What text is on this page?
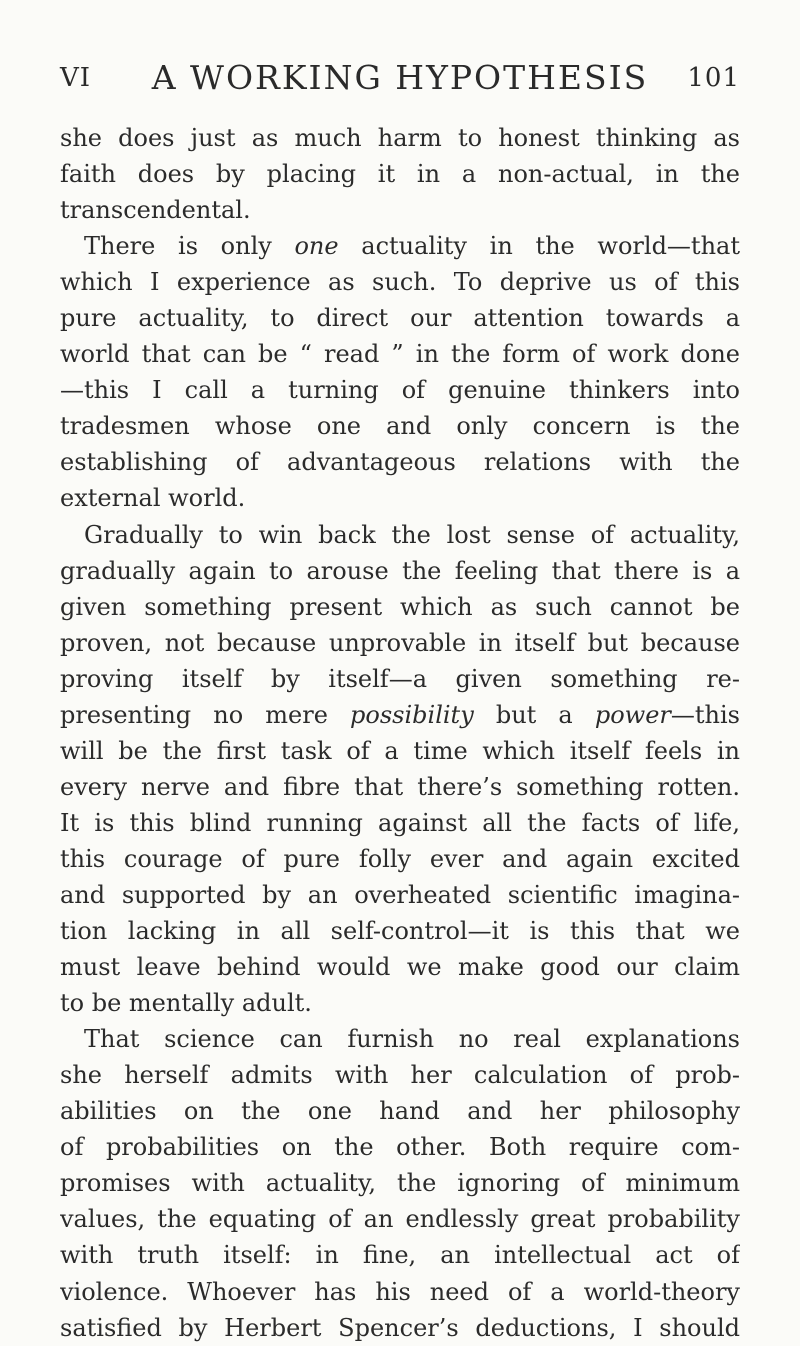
VI	A WORKING HYPOTHESIS	101
she does just as much harm to honest thinking as
faith does by placing it in a non-actual, in the
transcendental.
There is only one actuality in the world—that
which I experience as such. To deprive us of this
pure actuality, to direct our attention towards a
world that can be “ read ” in the form of work done
—this I call a turning of genuine thinkers into
tradesmen whose one and only concern is the
establishing of advantageous relations with the
external world.
Gradually to win back the lost sense of actuality,
gradually again to arouse the feeling that there is a
given something present which as such cannot be
proven, not because unprovable in itself but because
proving itself by itself—a given something re-
presenting no mere possibility but a power—this
will be the first task of a time which itself feels in
every nerve and fibre that there’s something rotten.
It is this blind running against all the facts of life,
this courage of pure folly ever and again excited
and supported by an overheated scientific imagina-
tion lacking in all self-control—it is this that we
must leave behind would we make good our claim
to be mentally adult.
That science can furnish no real explanations
she herself admits with her calculation of prob-
abilities on the one hand and her philosophy
of probabilities on the other. Both require com-
promises with actuality, the ignoring of minimum
values, the equating of an endlessly great probability
with truth itself: in fine, an intellectual act of
violence. Whoever has his need of a world-theory
satisfied by Herbert Spencer’s deductions, I should
